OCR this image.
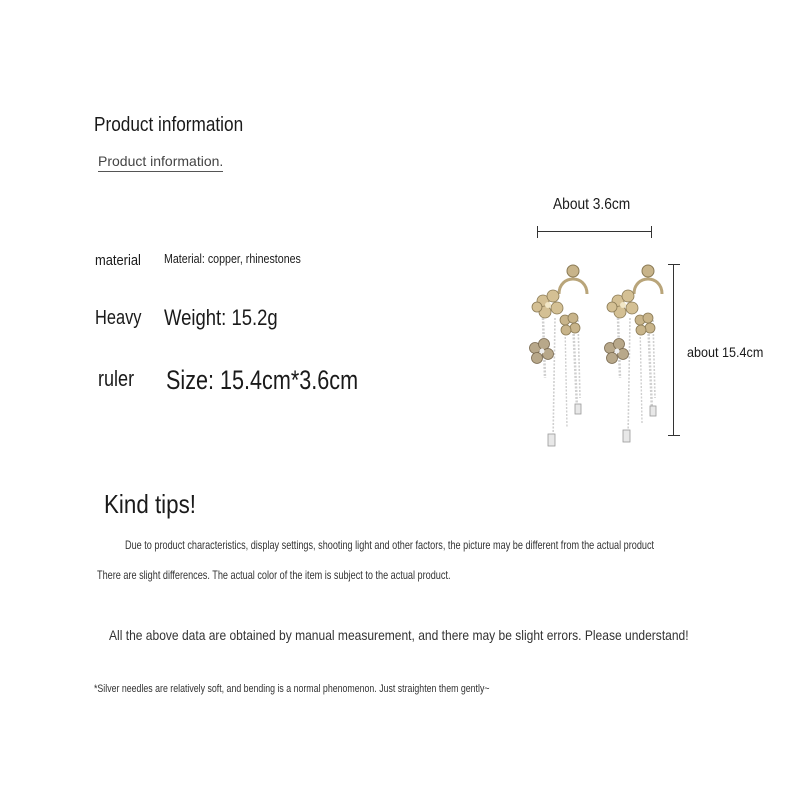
Product information
Product information.
material Material: copper, rhinestones
Heavy Weight: 15.2g
ruler Size: 15.4cm*3.6cm
About 3.6cm
about 15.4cm
Kind tips!
Due to product characteristics, display settings, shooting light and other factors, the picture may be different from the actual product
There are slight differences. The actual color of the item is subject to the actual product.
All the above data are obtained by manual measurement, and there may be slight errors. Please understand!
*Silver needles are relatively soft, and bending is a normal phenomenon. Just straighten them gently~
